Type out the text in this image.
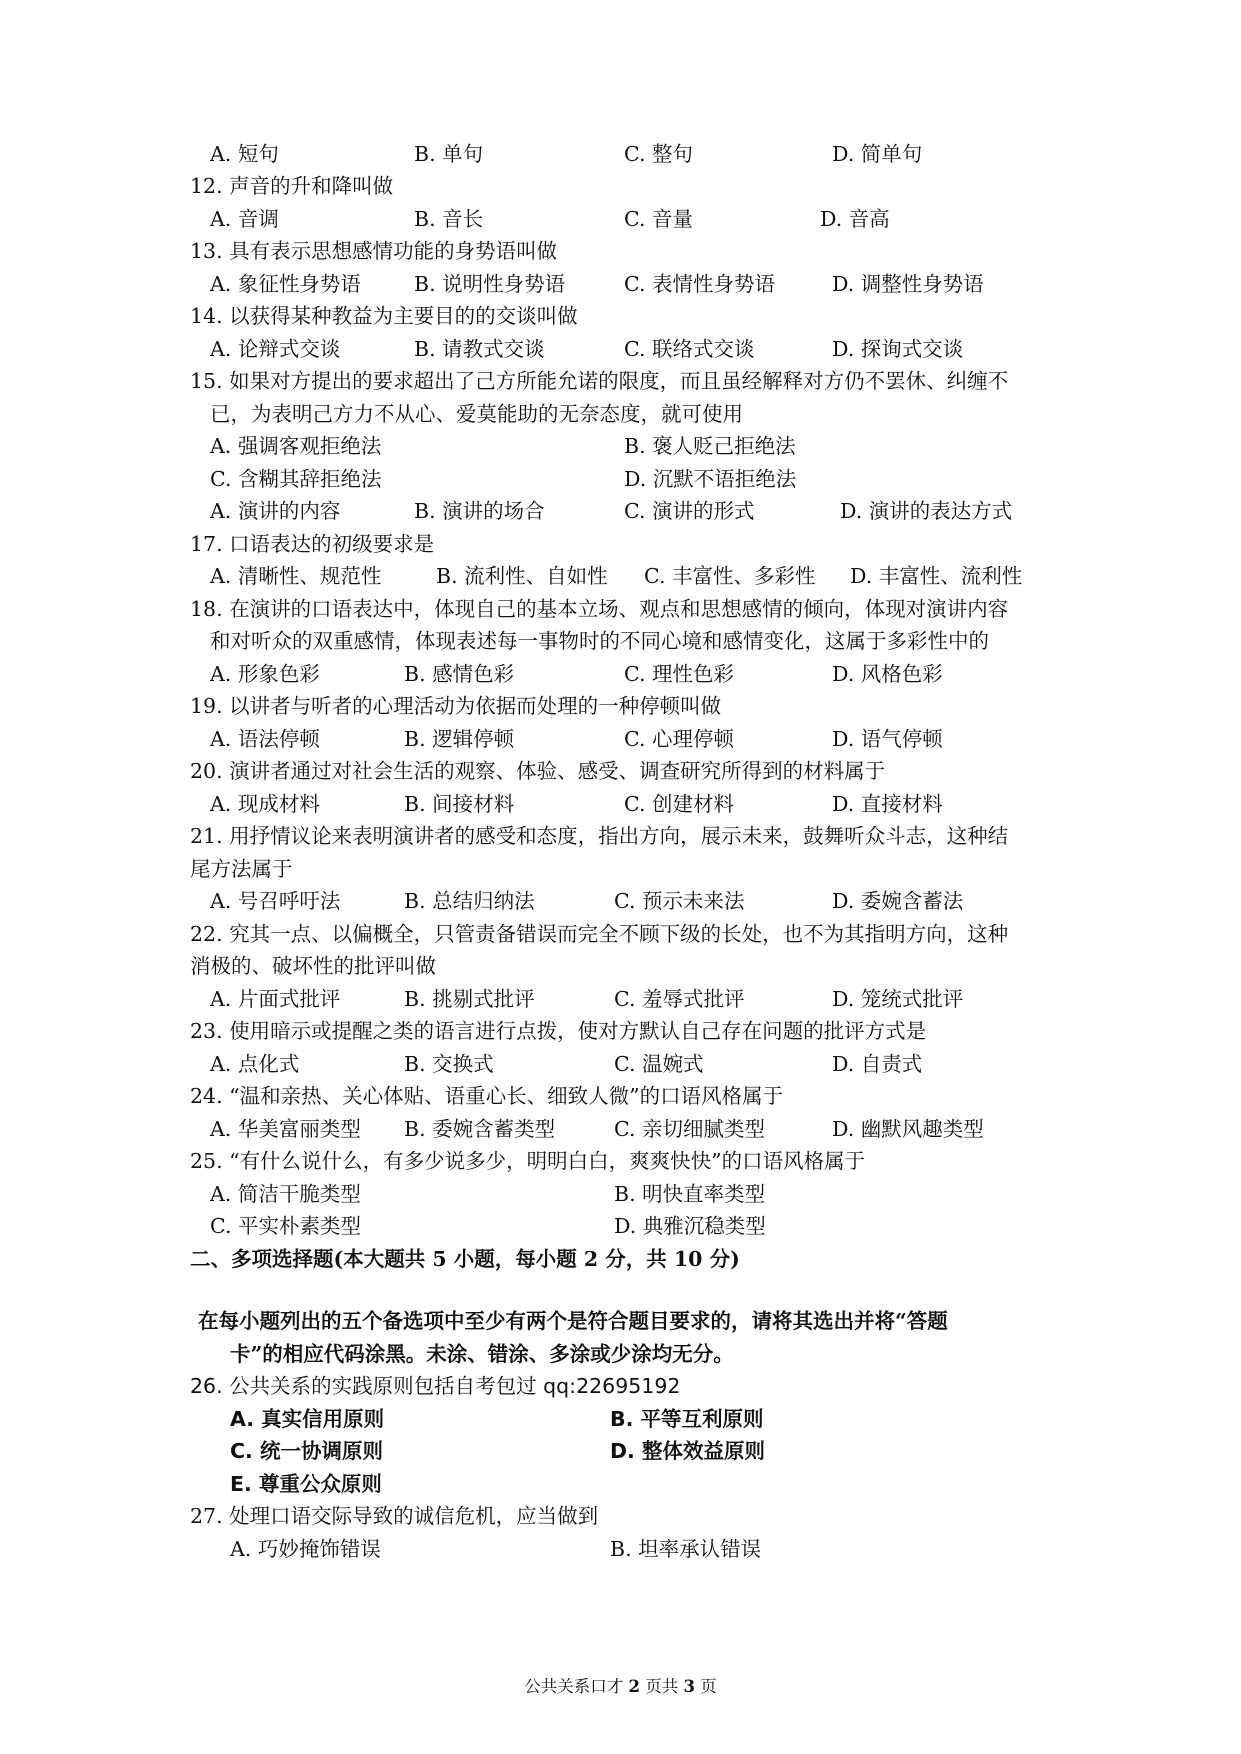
A. 短句	B. 单句	C. 整句	D. 简单句
12. 声音的升和降叫做
A. 音调	B. 音长	C. 音量	D. 音高
13. 具有表示思想感情功能的身势语叫做
A. 象征性身势语	B. 说明性身势语	C. 表情性身势语	D. 调整性身势语
14. 以获得某种教益为主要目的的交谈叫做
A. 论辩式交谈	B. 请教式交谈	C. 联络式交谈	D. 探询式交谈
15. 如果对方提出的要求超出了己方所能允诺的限度，而且虽经解释对方仍不罢休、纠缠不
已，为表明己方力不从心、爱莫能助的无奈态度，就可使用
A. 强调客观拒绝法	B. 褒人贬己拒绝法
C. 含糊其辞拒绝法	D. 沉默不语拒绝法
A. 演讲的内容	B. 演讲的场合	C. 演讲的形式	D. 演讲的表达方式
17. 口语表达的初级要求是
A. 清晰性、规范性	B. 流利性、自如性 C. 丰富性、多彩性 D. 丰富性、流利性
18. 在演讲的口语表达中，体现自己的基本立场、观点和思想感情的倾向，体现对演讲内容
和对听众的双重感情，体现表述每一事物时的不同心境和感情变化，这属于多彩性中的
A. 形象色彩	B. 感情色彩	C. 理性色彩	D. 风格色彩
19. 以讲者与听者的心理活动为依据而处理的一种停顿叫做
A. 语法停顿	B. 逻辑停顿	C. 心理停顿	D. 语气停顿
20. 演讲者通过对社会生活的观察、体验、感受、调查研究所得到的材料属于
A. 现成材料	B. 间接材料	C. 创建材料	D. 直接材料
21. 用抒情议论来表明演讲者的感受和态度，指出方向，展示未来，鼓舞听众斗志，这种结
尾方法属于
A. 号召呼吁法	B. 总结归纳法	C. 预示未来法	D. 委婉含蓄法
22. 究其一点、以偏概全，只管责备错误而完全不顾下级的长处，也不为其指明方向，这种
消极的、破坏性的批评叫做
A. 片面式批评	B. 挑剔式批评	C. 羞辱式批评	D. 笼统式批评
23. 使用暗示或提醒之类的语言进行点拨，使对方默认自己存在问题的批评方式是
A. 点化式	B. 交换式	C. 温婉式	D. 自责式
24. “温和亲热、关心体贴、语重心长、细致人微”的口语风格属于
A. 华美富丽类型 B. 委婉含蓄类型	C. 亲切细腻类型	D. 幽默风趣类型
25. “有什么说什么，有多少说多少，明明白白，爽爽快快”的口语风格属于
A. 简洁干脆类型	B. 明快直率类型
C. 平实朴素类型	D. 典雅沉稳类型
二、多项选择题(本大题共 5 小题，每小题 2 分，共 10 分)
在每小题列出的五个备选项中至少有两个是符合题目要求的，请将其选出并将“答题
卡”的相应代码涂黑。未涂、错涂、多涂或少涂均无分。
26. 公共关系的实践原则包括自考包过 qq:22695192
A. 真实信用原则	B. 平等互利原则
C. 统一协调原则	D. 整体效益原则
E. 尊重公众原则
27. 处理口语交际导致的诚信危机，应当做到
A. 巧妙掩饰错误	B. 坦率承认错误
公共关系口才 2 页共 3 页
